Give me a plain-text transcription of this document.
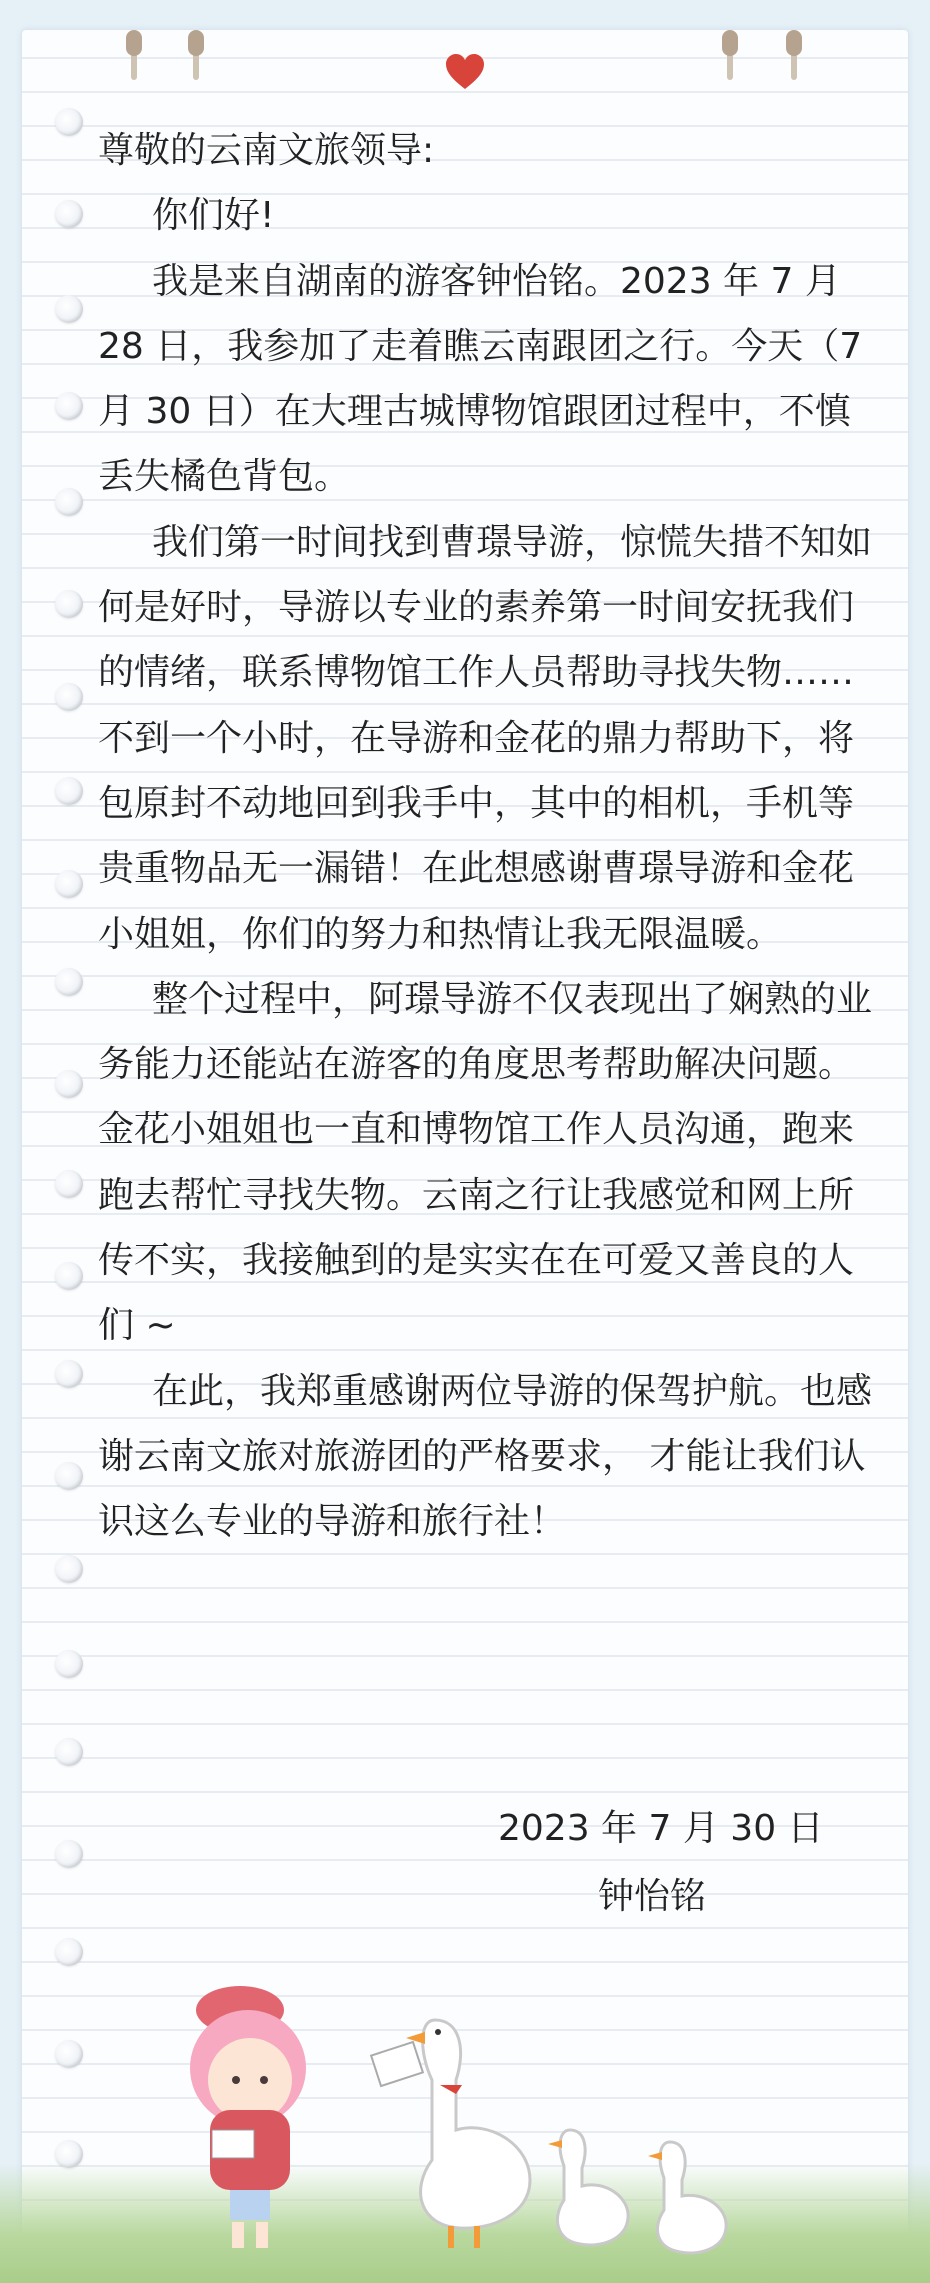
尊敬的云南文旅领导:

你们好!

我是来自湖南的游客钟怡铭。2023 年 7 月 28 日，我参加了走着瞧云南跟团之行。今天（7 月 30 日）在大理古城博物馆跟团过程中，不慎丢失橘色背包。

我们第一时间找到曹璟导游，惊慌失措不知如何是好时，导游以专业的素养第一时间安抚我们的情绪，联系博物馆工作人员帮助寻找失物……不到一个小时，在导游和金花的鼎力帮助下，将包原封不动地回到我手中，其中的相机，手机等贵重物品无一漏错！在此想感谢曹璟导游和金花小姐姐，你们的努力和热情让我无限温暖。

整个过程中，阿璟导游不仅表现出了娴熟的业务能力还能站在游客的角度思考帮助解决问题。金花小姐姐也一直和博物馆工作人员沟通，跑来跑去帮忙寻找失物。云南之行让我感觉和网上所传不实，我接触到的是实实在在可爱又善良的人们 ~

在此，我郑重感谢两位导游的保驾护航。也感谢云南文旅对旅游团的严格要求， 才能让我们认识这么专业的导游和旅行社！

2023 年 7 月 30 日
钟怡铭
